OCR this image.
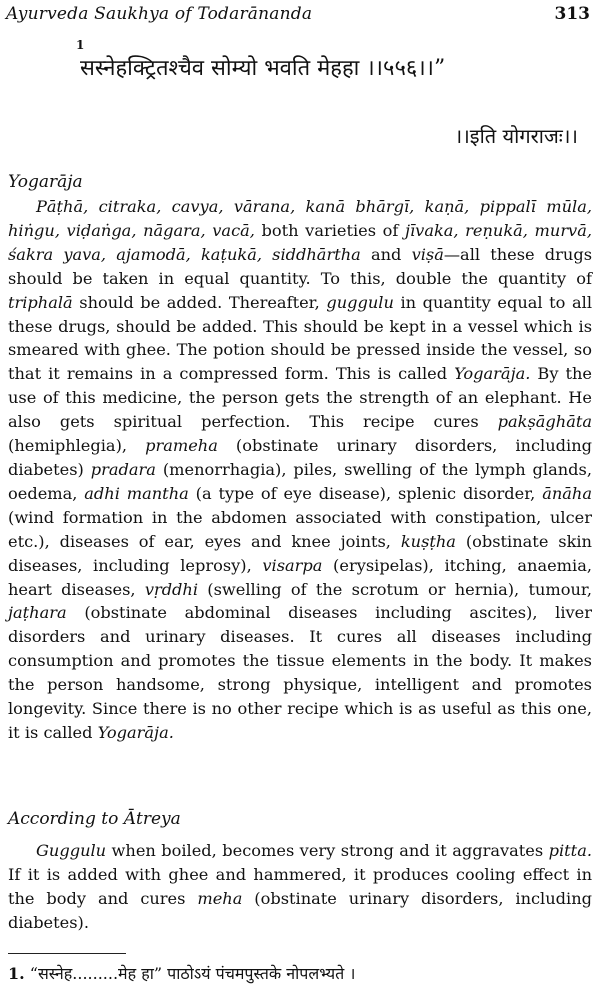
Ayurveda Saukhya of Todarānanda	313
1
सस्नेहक्ट्रितश्चैव सोम्यो भवति मेहहा ।।५५६।।”
।।इति योगराजः।।
Yogarāja
Pāṭhā, citraka, cavya, vārana, kanā bhārgī, kaṇā, pippalī mūla, hiṅgu, viḍaṅga, nāgara, vacā, both varieties of jīvaka, reṇukā, murvā, śakra yava, ajamodā, kaṭukā, siddhārtha and viṣā—all these drugs should be taken in equal quantity. To this, double the quantity of triphalā should be added. Thereafter, guggulu in quantity equal to all these drugs, should be added. This should be kept in a vessel which is smeared with ghee. The potion should be pressed inside the vessel, so that it remains in a compressed form. This is called Yogarāja. By the use of this medicine, the person gets the strength of an elephant. He also gets spiritual perfection. This recipe cures pakṣāghāta (hemiphlegia), prameha (obstinate urinary disorders, including diabetes) pradara (menorrhagia), piles, swelling of the lymph glands, oedema, adhi mantha (a type of eye disease), splenic disorder, ānāha (wind formation in the abdomen associated with constipation, ulcer etc.), diseases of ear, eyes and knee joints, kuṣṭha (obstinate skin diseases, including leprosy), visarpa (erysipelas), itching, anaemia, heart diseases, vṛddhi (swelling of the scrotum or hernia), tumour, jaṭhara (obstinate abdominal diseases including ascites), liver disorders and urinary diseases. It cures all diseases including consumption and promotes the tissue elements in the body. It makes the person handsome, strong physique, intelligent and promotes longevity. Since there is no other recipe which is as useful as this one, it is called Yogarāja.
According to Ātreya
Guggulu when boiled, becomes very strong and it aggravates pitta. If it is added with ghee and hammered, it produces cooling effect in the body and cures meha (obstinate urinary disorders, including diabetes).
1. “सस्नेह.........मेह हा” पाठोऽयं पंचमपुस्तके नोपलभ्यते ।
